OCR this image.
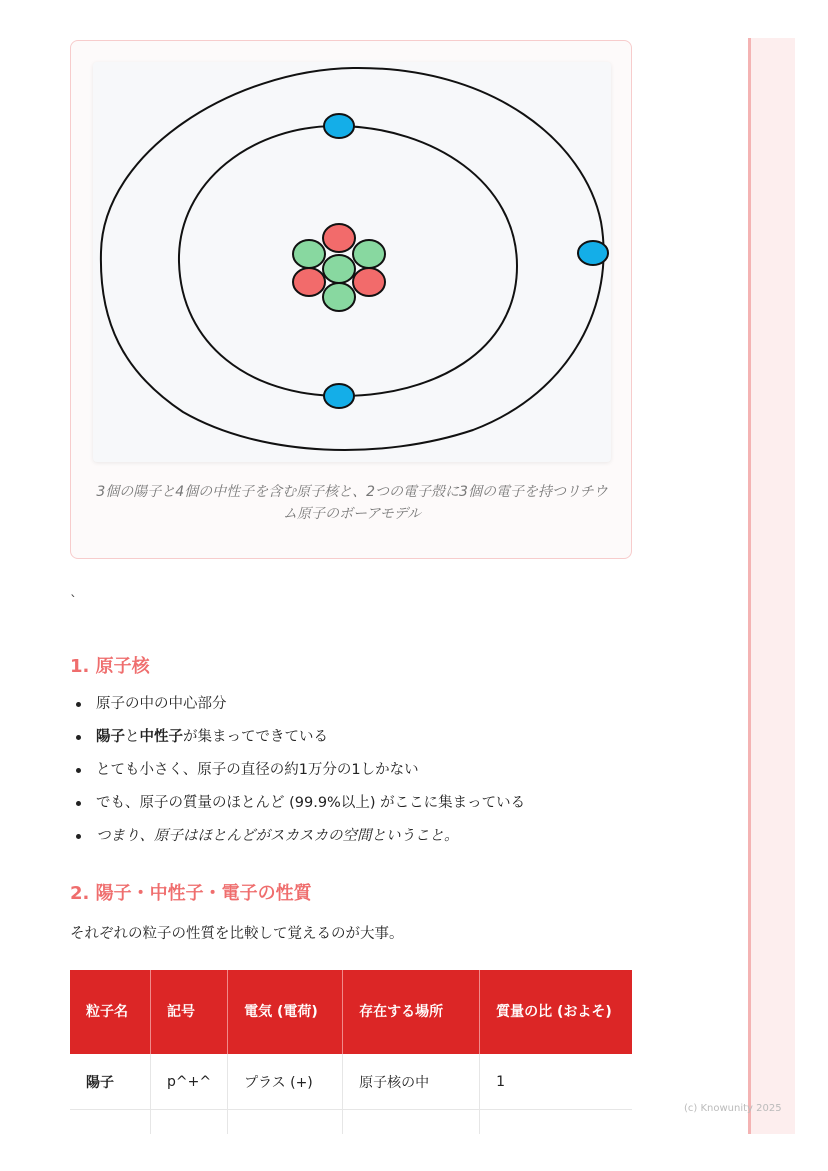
3個の陽子と4個の中性子を含む原子核と、2つの電子殻に3個の電子を持つリチウム原子のボーアモデル
`
1. 原子核
原子の中の中心部分
陽子と中性子が集まってできている
とても小さく、原子の直径の約1万分の1しかない
でも、原子の質量のほとんど (99.9%以上) がここに集まっている
つまり、原子はほとんどがスカスカの空間ということ。
2. 陽子・中性子・電子の性質
それぞれの粒子の性質を比較して覚えるのが大事。
粒子名	記号	電気 (電荷)	存在する場所	質量の比 (およそ)
陽子	p^+^	プラス (+)	原子核の中	1

(c) Knowunity 2025
